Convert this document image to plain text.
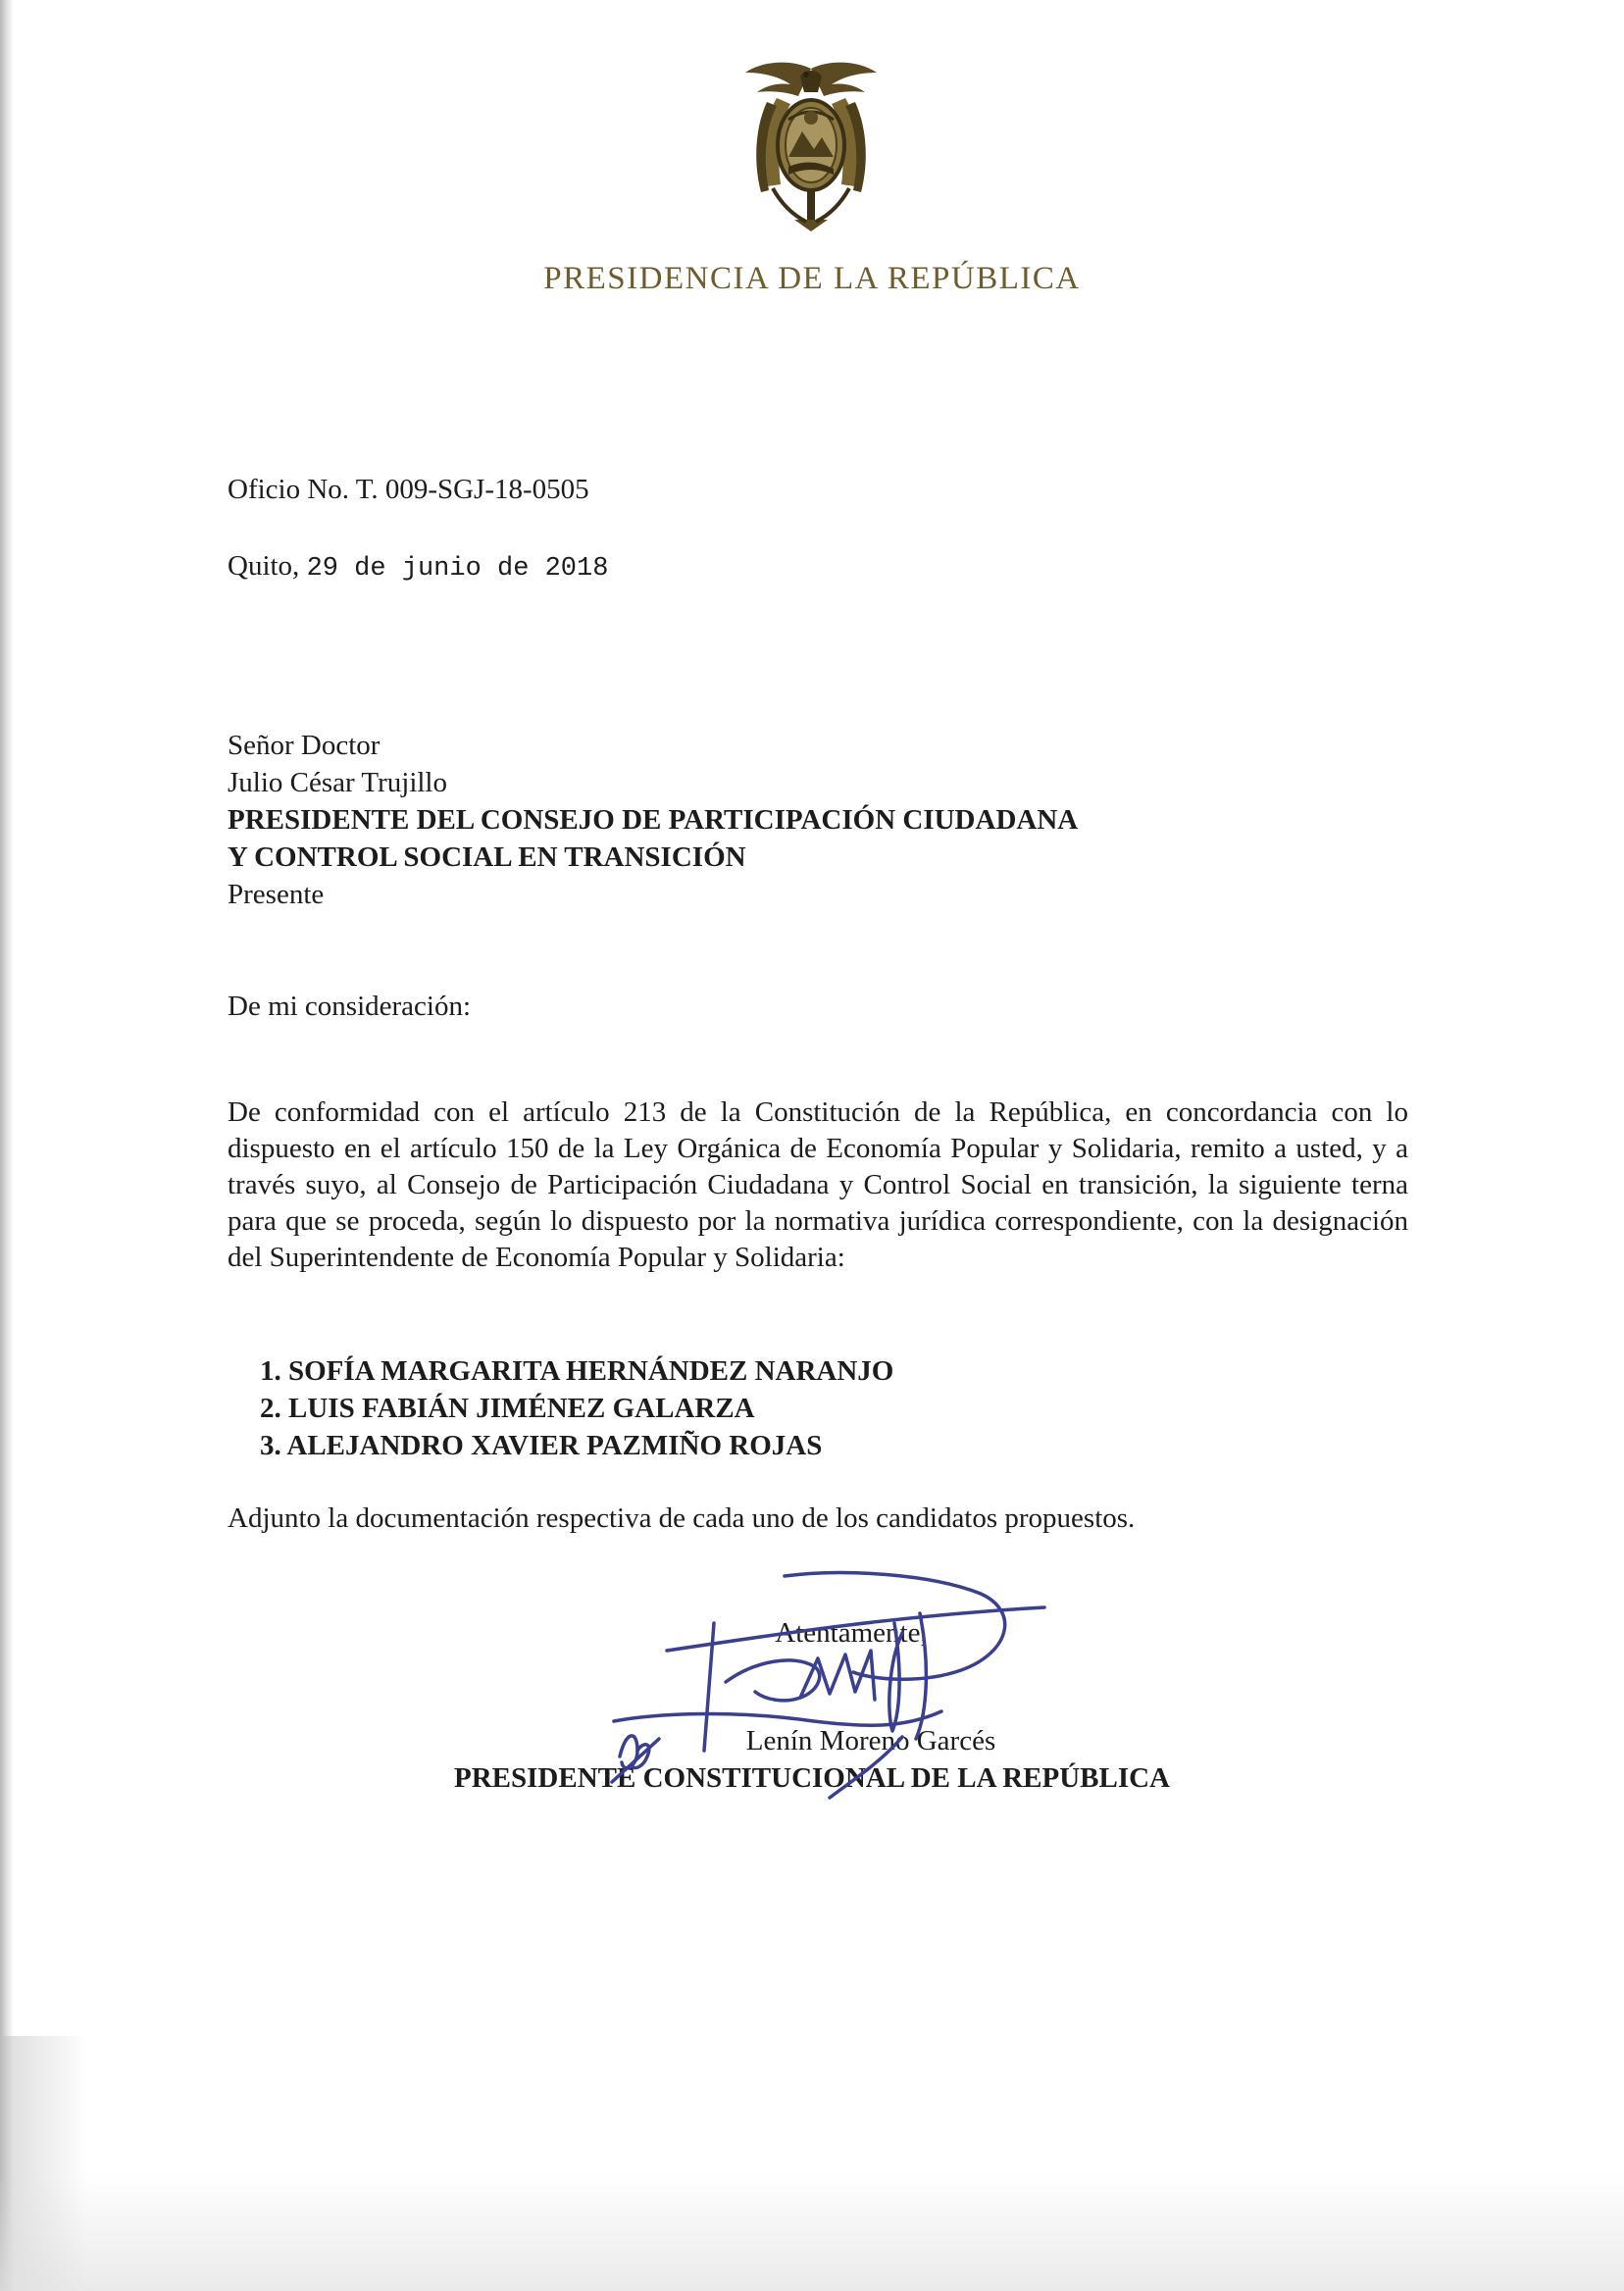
PRESIDENCIA DE LA REPÚBLICA
Oficio No. T. 009-SGJ-18-0505
Quito, 29 de junio de 2018
Señor Doctor
Julio César Trujillo
PRESIDENTE DEL CONSEJO DE PARTICIPACIÓN CIUDADANA
Y CONTROL SOCIAL EN TRANSICIÓN
Presente
De mi consideración:
De conformidad con el artículo 213 de la Constitución de la República, en concordancia con lo dispuesto en el artículo 150 de la Ley Orgánica de Economía Popular y Solidaria, remito a usted, y a través suyo, al Consejo de Participación Ciudadana y Control Social en transición, la siguiente terna para que se proceda, según lo dispuesto por la normativa jurídica correspondiente, con la designación del Superintendente de Economía Popular y Solidaria:
1. SOFÍA MARGARITA HERNÁNDEZ NARANJO
2. LUIS FABIÁN JIMÉNEZ GALARZA
3. ALEJANDRO XAVIER PAZMIÑO ROJAS
Adjunto la documentación respectiva de cada uno de los candidatos propuestos.
Atentamente,
Lenín Moreno Garcés
PRESIDENTE CONSTITUCIONAL DE LA REPÚBLICA
